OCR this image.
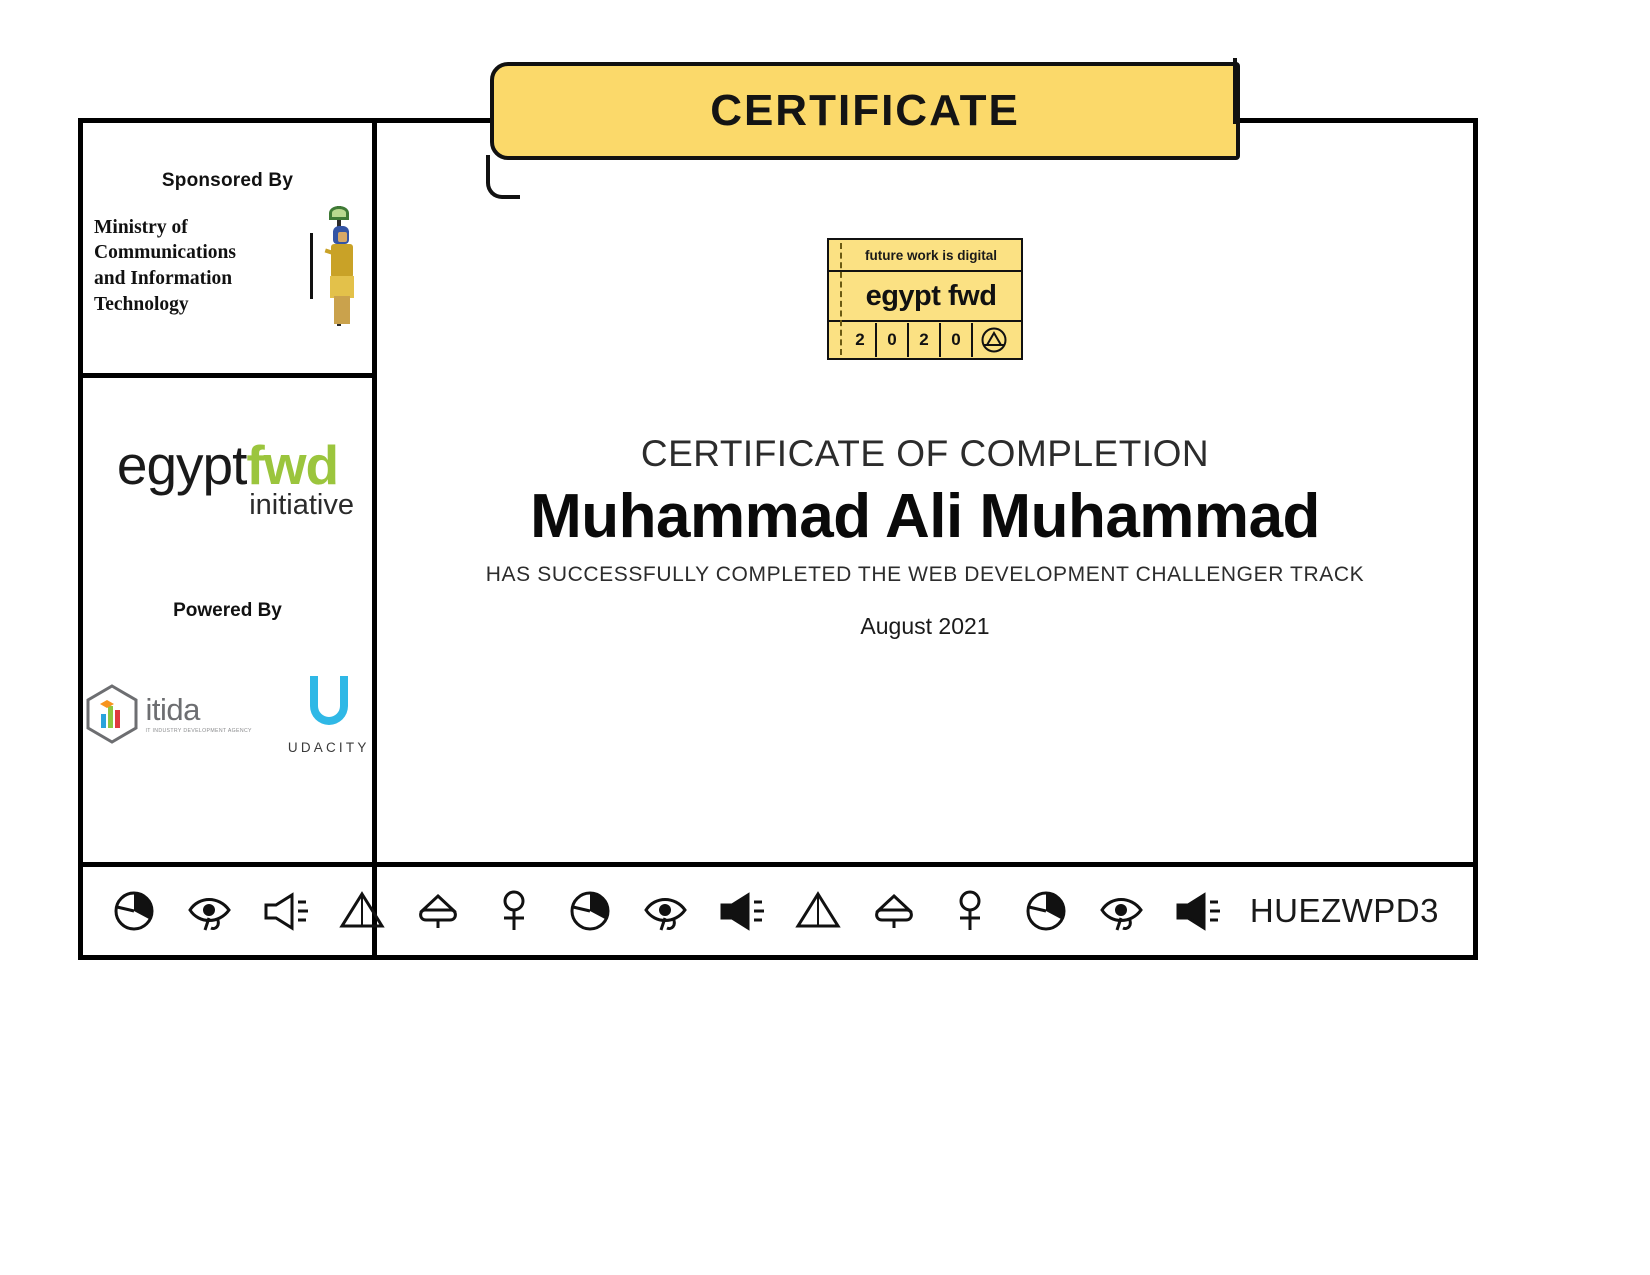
CERTIFICATE
Sponsored By
Ministry of Communications
and Information Technology
egyptfwd
initiative
Powered By
itida
IT INDUSTRY DEVELOPMENT AGENCY
UDACITY
future work is digital
egypt fwd
2	0	2	0
CERTIFICATE OF COMPLETION
Muhammad Ali Muhammad
HAS SUCCESSFULLY COMPLETED THE WEB DEVELOPMENT CHALLENGER TRACK
August 2021
HUEZWPD3
